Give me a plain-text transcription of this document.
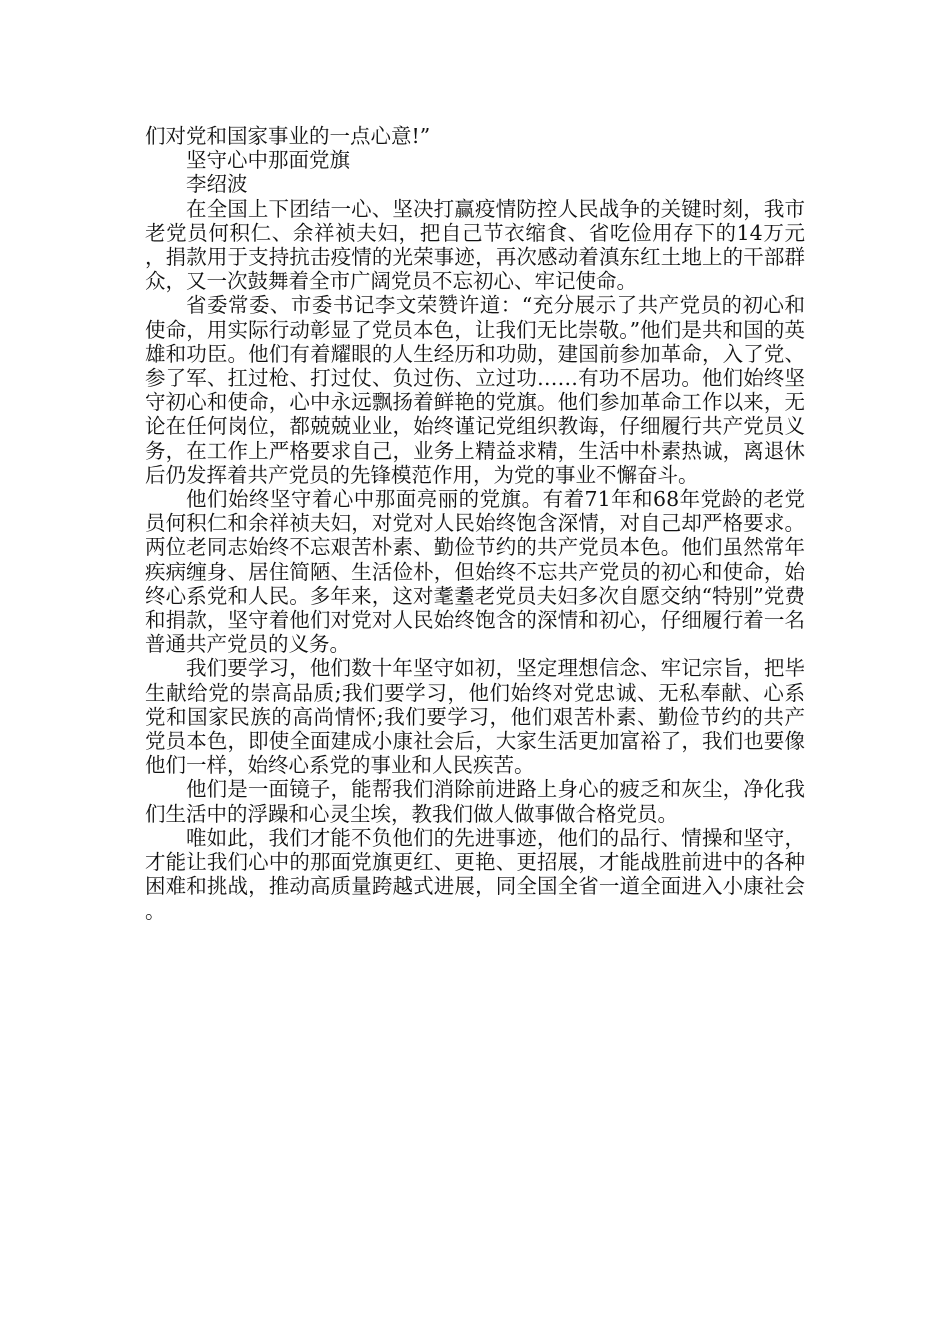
们对党和国家事业的一点心意!”

坚守心中那面党旗

李绍波

在全国上下团结一心、坚决打赢疫情防控人民战争的关键时刻，我市老党员何积仁、余祥祯夫妇，把自己节衣缩食、省吃俭用存下的14万元，捐款用于支持抗击疫情的光荣事迹，再次感动着滇东红土地上的干部群众，又一次鼓舞着全市广阔党员不忘初心、牢记使命。

省委常委、市委书记李文荣赞许道：“充分展示了共产党员的初心和使命，用实际行动彰显了党员本色，让我们无比崇敬。”他们是共和国的英雄和功臣。他们有着耀眼的人生经历和功勋，建国前参加革命，入了党、参了军、扛过枪、打过仗、负过伤、立过功……有功不居功。他们始终坚守初心和使命，心中永远飘扬着鲜艳的党旗。他们参加革命工作以来，无论在任何岗位，都兢兢业业，始终谨记党组织教诲，仔细履行共产党员义务，在工作上严格要求自己，业务上精益求精，生活中朴素热诚，离退休后仍发挥着共产党员的先锋模范作用，为党的事业不懈奋斗。

他们始终坚守着心中那面亮丽的党旗。有着71年和68年党龄的老党员何积仁和余祥祯夫妇，对党对人民始终饱含深情，对自己却严格要求。两位老同志始终不忘艰苦朴素、勤俭节约的共产党员本色。他们虽然常年疾病缠身、居住简陋、生活俭朴，但始终不忘共产党员的初心和使命，始终心系党和人民。多年来，这对耄耋老党员夫妇多次自愿交纳“特别”党费和捐款，坚守着他们对党对人民始终饱含的深情和初心，仔细履行着一名普通共产党员的义务。

我们要学习，他们数十年坚守如初，坚定理想信念、牢记宗旨，把毕生献给党的崇高品质;我们要学习，他们始终对党忠诚、无私奉献、心系党和国家民族的高尚情怀;我们要学习，他们艰苦朴素、勤俭节约的共产党员本色，即使全面建成小康社会后，大家生活更加富裕了，我们也要像他们一样，始终心系党的事业和人民疾苦。

他们是一面镜子，能帮我们消除前进路上身心的疲乏和灰尘，净化我们生活中的浮躁和心灵尘埃，教我们做人做事做合格党员。

唯如此，我们才能不负他们的先进事迹，他们的品行、情操和坚守，才能让我们心中的那面党旗更红、更艳、更招展，才能战胜前进中的各种困难和挑战，推动高质量跨越式进展，同全国全省一道全面进入小康社会。
